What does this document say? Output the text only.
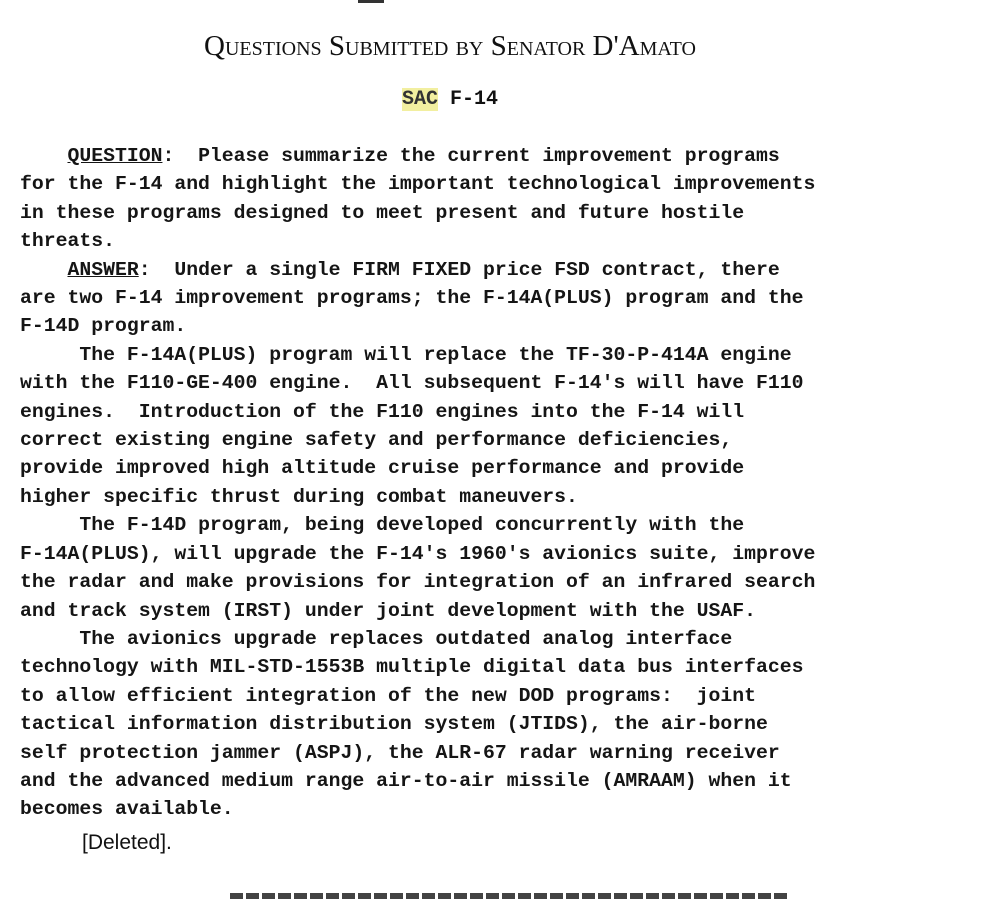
Questions Submitted by Senator D'Amato
SAC F-14

QUESTION:  Please summarize the current improvement programs
for the F-14 and highlight the important technological improvements
in these programs designed to meet present and future hostile
threats.

ANSWER:  Under a single FIRM FIXED price FSD contract, there
are two F-14 improvement programs; the F-14A(PLUS) program and the
F-14D program.

The F-14A(PLUS) program will replace the TF-30-P-414A engine
with the F110-GE-400 engine.  All subsequent F-14's will have F110
engines.  Introduction of the F110 engines into the F-14 will
correct existing engine safety and performance deficiencies,
provide improved high altitude cruise performance and provide
higher specific thrust during combat maneuvers.

The F-14D program, being developed concurrently with the
F-14A(PLUS), will upgrade the F-14's 1960's avionics suite, improve
the radar and make provisions for integration of an infrared search
and track system (IRST) under joint development with the USAF.

The avionics upgrade replaces outdated analog interface
technology with MIL-STD-1553B multiple digital data bus interfaces
to allow efficient integration of the new DOD programs:  joint
tactical information distribution system (JTIDS), the air-borne
self protection jammer (ASPJ), the ALR-67 radar warning receiver
and the advanced medium range air-to-air missile (AMRAAM) when it
becomes available.

[Deleted].
